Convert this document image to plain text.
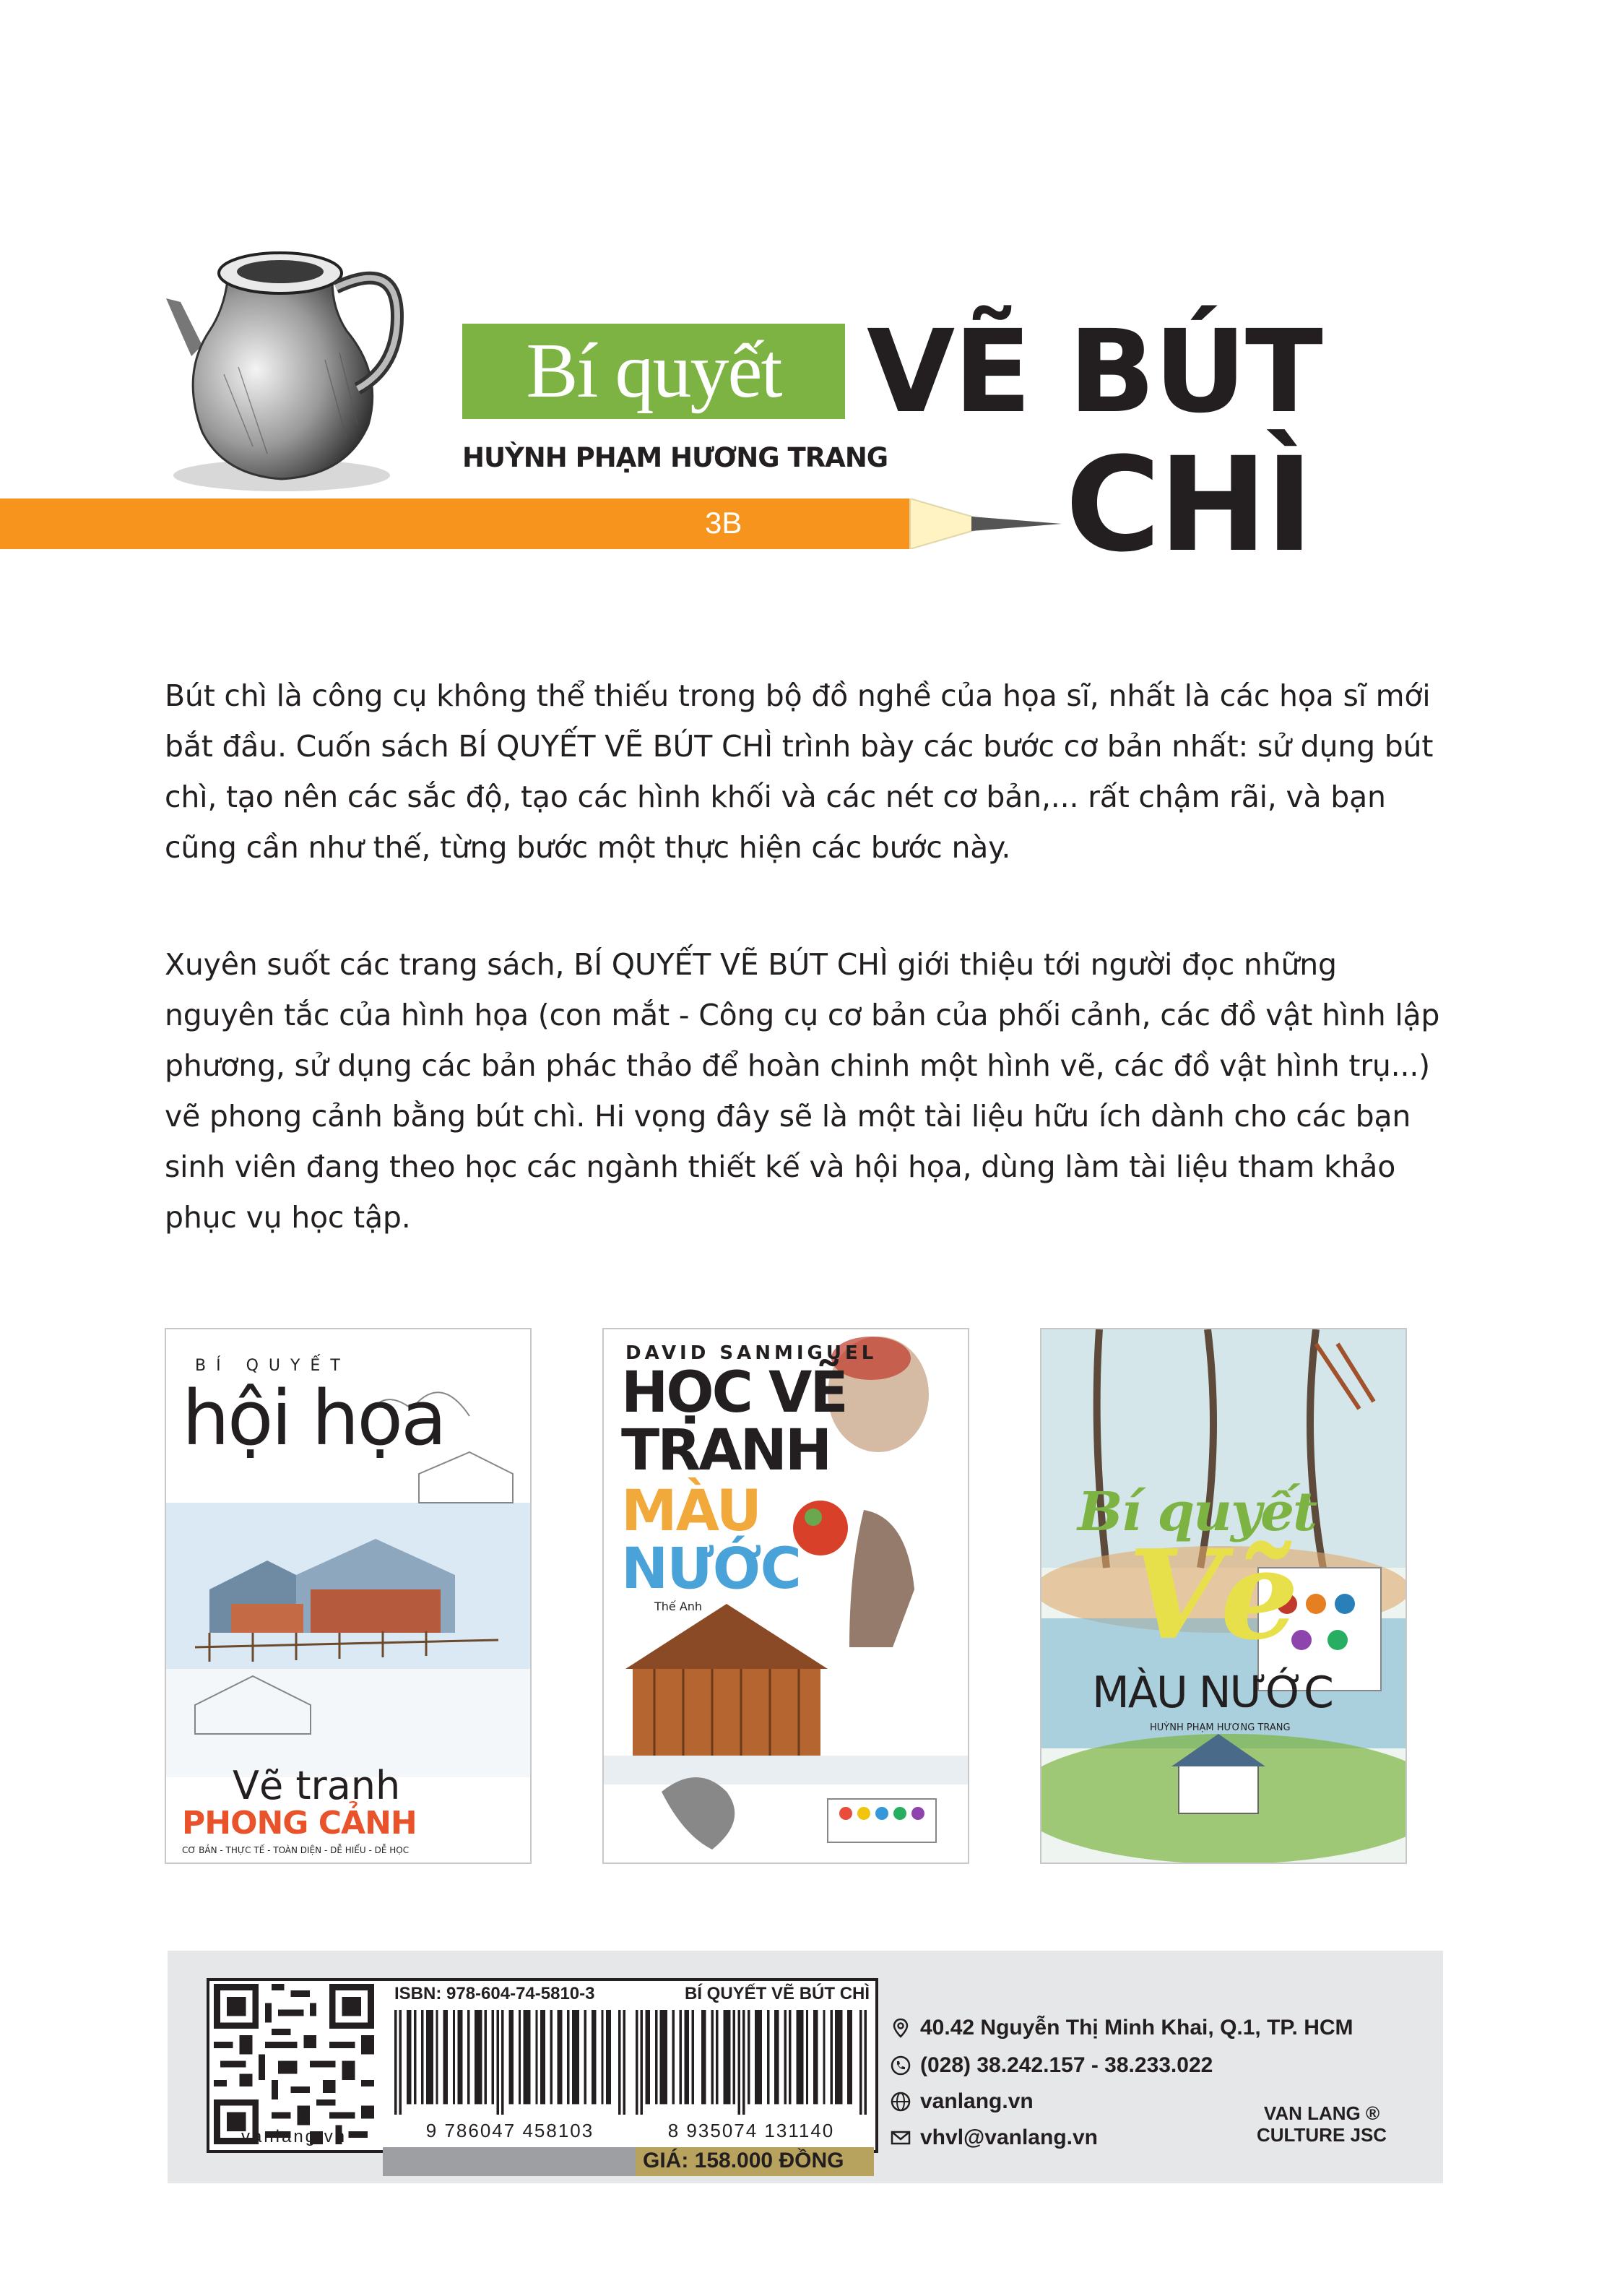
Bí quyết VẼ BÚT
CHÌ
HUỲNH PHẠM HƯƠNG TRANG
3B

Bút chì là công cụ không thể thiếu trong bộ đồ nghề của họa sĩ, nhất là các họa sĩ mới bắt đầu. Cuốn sách BÍ QUYẾT VẼ BÚT CHÌ trình bày các bước cơ bản nhất: sử dụng bút chì, tạo nên các sắc độ, tạo các hình khối và các nét cơ bản,... rất chậm rãi, và bạn cũng cần như thế, từng bước một thực hiện các bước này.

Xuyên suốt các trang sách, BÍ QUYẾT VẼ BÚT CHÌ giới thiệu tới người đọc những nguyên tắc của hình họa (con mắt - Công cụ cơ bản của phối cảnh, các đồ vật hình lập phương, sử dụng các bản phác thảo để hoàn chinh một hình vẽ, các đồ vật hình trụ...) vẽ phong cảnh bằng bút chì. Hi vọng đây sẽ là một tài liệu hữu ích dành cho các bạn sinh viên đang theo học các ngành thiết kế và hội họa, dùng làm tài liệu tham khảo phục vụ học tập.

BÍ QUYẾT
hội họa
Vẽ tranh
PHONG CẢNH
CƠ BẢN - THỰC TẾ - TOÀN DIỆN - DỄ HIỂU - DỄ HỌC
DAVID SANMIGUEL
HỌC VẼ
TRANH
MÀU
NƯỚC
Thế Anh
Bí quyết
Vẽ
MÀU NƯỚC
HUỲNH PHẠM HƯƠNG TRANG
vanlang.vn
ISBN: 978-604-74-5810-3	BÍ QUYẾT VẼ BÚT CHÌ
9 786047 458103	8 935074 131140
GIÁ: 158.000 ĐỒNG
40.42 Nguyễn Thị Minh Khai, Q.1, TP. HCM
(028) 38.242.157 - 38.233.022
vanlang.vn
vhvl@vanlang.vn
VAN LANG ®
CULTURE JSC
